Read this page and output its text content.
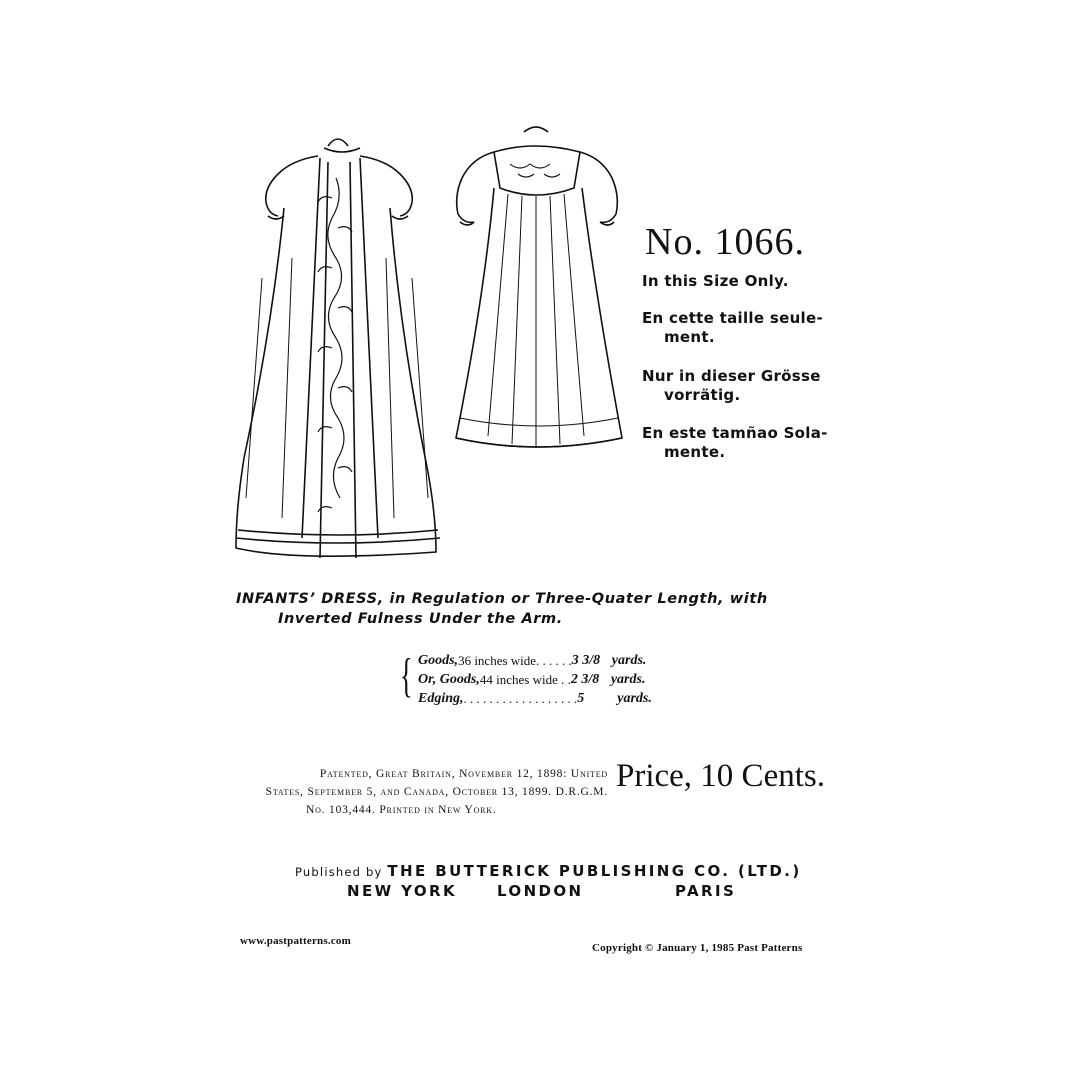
No. 1066.
In this Size Only.
En cette taille seule-
ment.
Nur in dieser Grösse
vorrätig.
En este tamñao Sola-
mente.
INFANTS’ DRESS, in Regulation or Three-Quater Length, with
Inverted Fulness Under the Arm.
{ Goods, 36 inches wide. . . . . . 3 3/8 yards.
Or, Goods, 44 inches wide . . 2 3/8 yards.
Edging, . . . . . . . . . . . . . . . . . . 5	yards.
Patented, Great Britain, November 12, 1898: United
States, September 5, and Canada, October 13, 1899. D.R.G.M.
No. 103,444. Printed in New York.
Price, 10 Cents.
Published by THE BUTTERICK PUBLISHING CO. (LTD.)
NEW YORK	LONDON	PARIS
www.pastpatterns.com
Copyright © January 1, 1985 Past Patterns
